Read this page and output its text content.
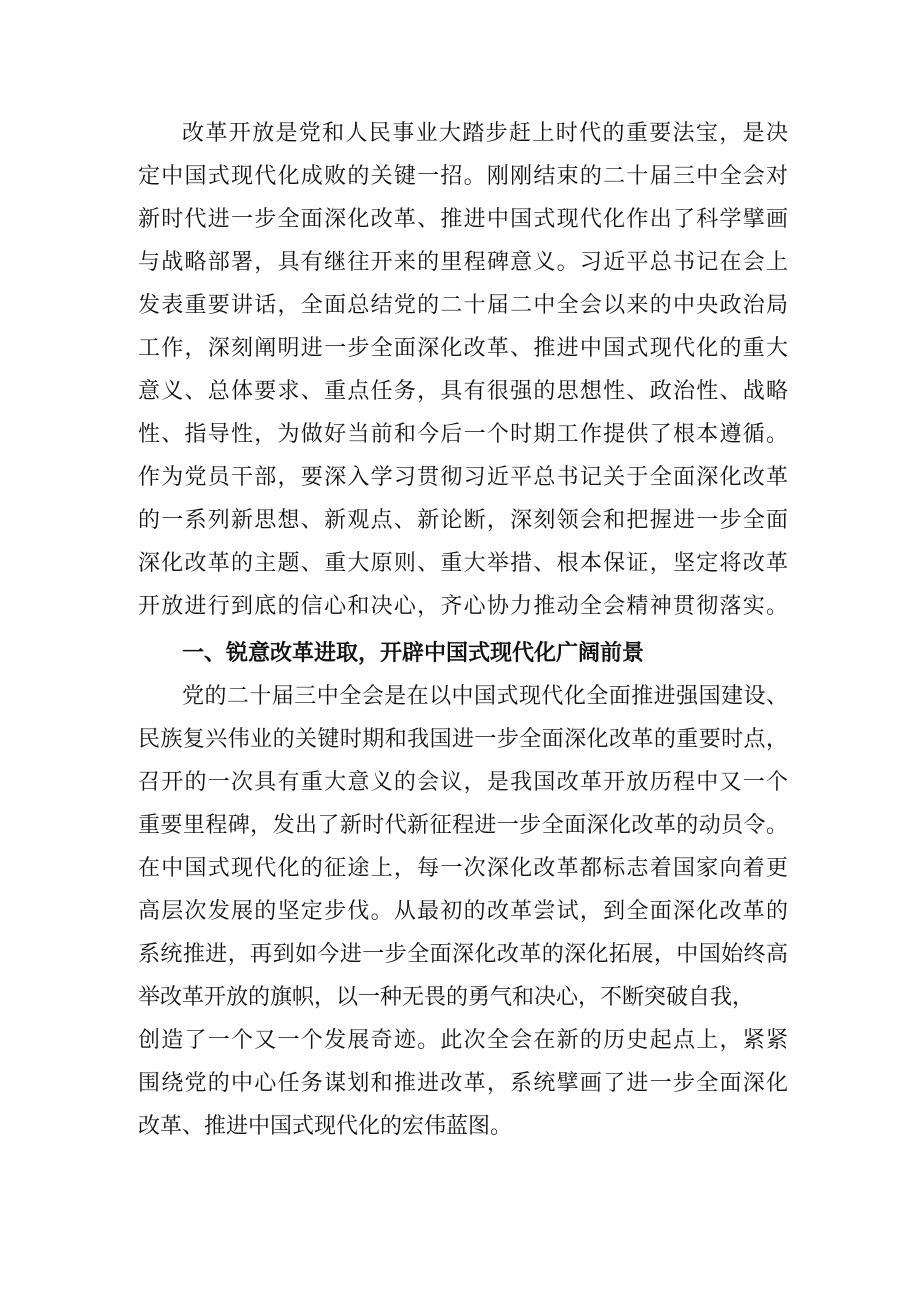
改革开放是党和人民事业大踏步赶上时代的重要法宝，是决
定中国式现代化成败的关键一招。刚刚结束的二十届三中全会对
新时代进一步全面深化改革、推进中国式现代化作出了科学擘画
与战略部署，具有继往开来的里程碑意义。习近平总书记在会上
发表重要讲话，全面总结党的二十届二中全会以来的中央政治局
工作，深刻阐明进一步全面深化改革、推进中国式现代化的重大
意义、总体要求、重点任务，具有很强的思想性、政治性、战略
性、指导性，为做好当前和今后一个时期工作提供了根本遵循。
作为党员干部，要深入学习贯彻习近平总书记关于全面深化改革
的一系列新思想、新观点、新论断，深刻领会和把握进一步全面
深化改革的主题、重大原则、重大举措、根本保证，坚定将改革
开放进行到底的信心和决心，齐心协力推动全会精神贯彻落实。
一、锐意改革进取，开辟中国式现代化广阔前景
党的二十届三中全会是在以中国式现代化全面推进强国建设、
民族复兴伟业的关键时期和我国进一步全面深化改革的重要时点，
召开的一次具有重大意义的会议，是我国改革开放历程中又一个
重要里程碑，发出了新时代新征程进一步全面深化改革的动员令。
在中国式现代化的征途上，每一次深化改革都标志着国家向着更
高层次发展的坚定步伐。从最初的改革尝试，到全面深化改革的
系统推进，再到如今进一步全面深化改革的深化拓展，中国始终高
举改革开放的旗帜，以一种无畏的勇气和决心，不断突破自我，
创造了一个又一个发展奇迹。此次全会在新的历史起点上，紧紧
围绕党的中心任务谋划和推进改革，系统擘画了进一步全面深化
改革、推进中国式现代化的宏伟蓝图。
